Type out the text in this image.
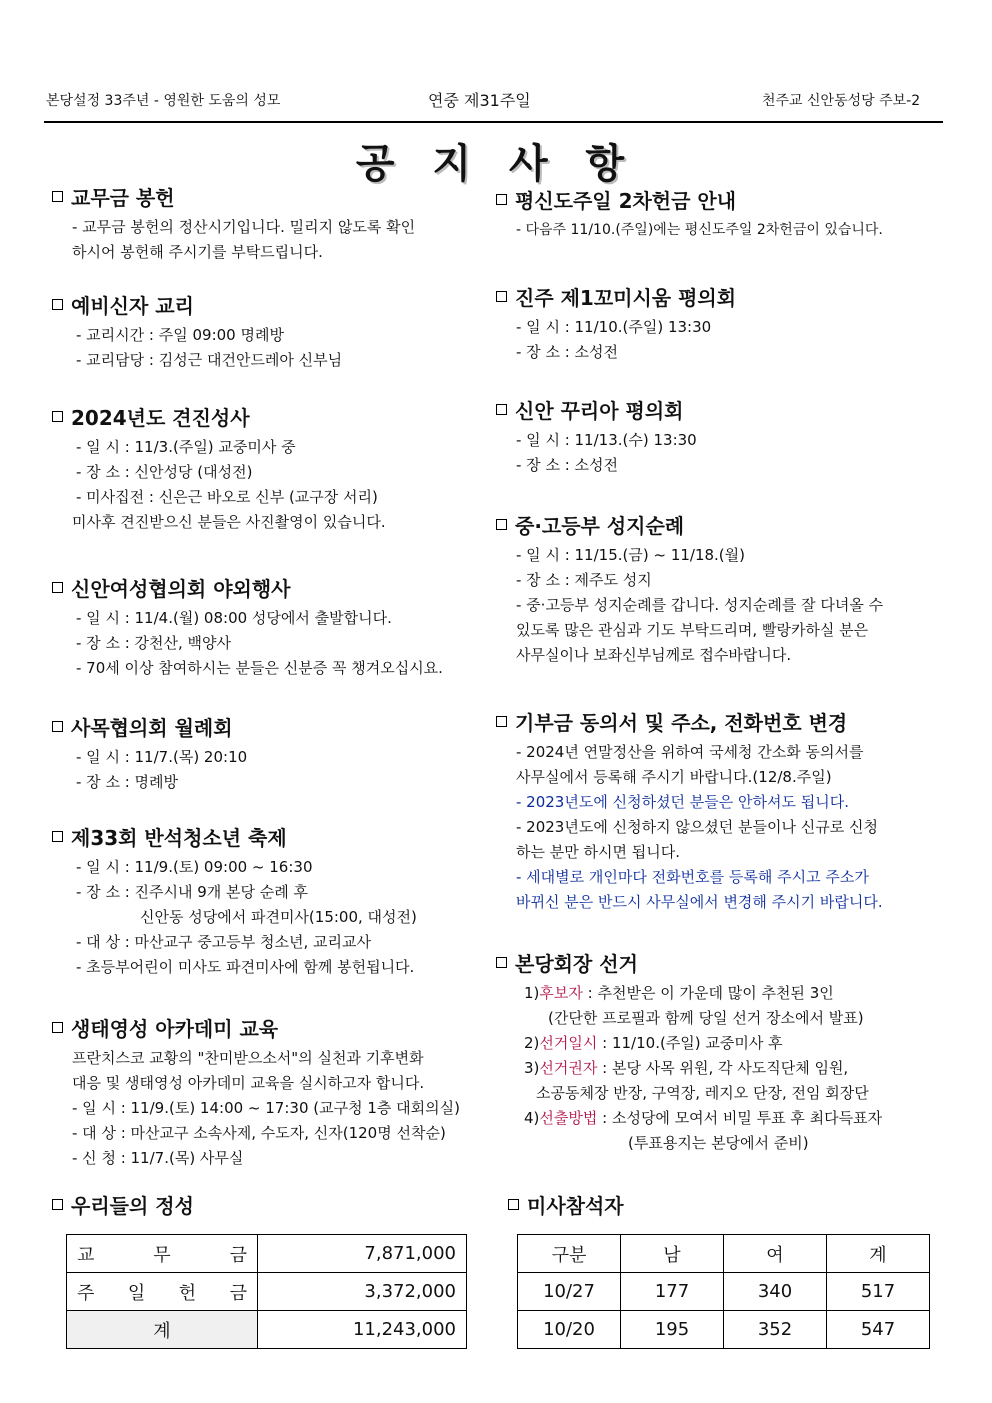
본당설정 33주년 - 영원한 도움의 성모	연중 제31주일	천주교 신안동성당 주보-2
공 지 사 항
교무금 봉헌

- 교무금 봉헌의 정산시기입니다. 밀리지 않도록 확인

하시어 봉헌해 주시기를 부탁드립니다.

예비신자 교리

- 교리시간 : 주일 09:00 명례방

- 교리담당 : 김성근 대건안드레아 신부님

2024년도 견진성사

- 일 시 : 11/3.(주일) 교중미사 중

- 장 소 : 신안성당 (대성전)

- 미사집전 : 신은근 바오로 신부 (교구장 서리)

미사후 견진받으신 분들은 사진촬영이 있습니다.

신안여성협의회 야외행사

- 일 시 : 11/4.(월) 08:00 성당에서 출발합니다.

- 장 소 : 강천산, 백양사

- 70세 이상 참여하시는 분들은 신분증 꼭 챙겨오십시요.

사목협의회 월례회

- 일 시 : 11/7.(목) 20:10

- 장 소 : 명례방

제33회 반석청소년 축제

- 일 시 : 11/9.(토) 09:00 ~ 16:30

- 장 소 : 진주시내 9개 본당 순례 후

신안동 성당에서 파견미사(15:00, 대성전)

- 대 상 : 마산교구 중고등부 청소년, 교리교사

- 초등부어린이 미사도 파견미사에 함께 봉헌됩니다.

생태영성 아카데미 교육

프란치스코 교황의 "찬미받으소서"의 실천과 기후변화

대응 및 생태영성 아카데미 교육을 실시하고자 합니다.

- 일 시 : 11/9.(토) 14:00 ~ 17:30 (교구청 1층 대회의실)

- 대 상 : 마산교구 소속사제, 수도자, 신자(120명 선착순)

- 신 청 : 11/7.(목) 사무실

평신도주일 2차헌금 안내

- 다음주 11/10.(주일)에는 평신도주일 2차헌금이 있습니다.

진주 제1꼬미시움 평의회

- 일 시 : 11/10.(주일) 13:30

- 장 소 : 소성전

신안 꾸리아 평의회

- 일 시 : 11/13.(수) 13:30

- 장 소 : 소성전

중·고등부 성지순례

- 일 시 : 11/15.(금) ~ 11/18.(월)

- 장 소 : 제주도 성지

- 중·고등부 성지순례를 갑니다. 성지순례를 잘 다녀올 수

있도록 많은 관심과 기도 부탁드리며, 빨랑카하실 분은

사무실이나 보좌신부님께로 접수바랍니다.

기부금 동의서 및 주소, 전화번호 변경

- 2024년 연말정산을 위하여 국세청 간소화 동의서를

사무실에서 등록해 주시기 바랍니다.(12/8.주일)

- 2023년도에 신청하셨던 분들은 안하셔도 됩니다.

- 2023년도에 신청하지 않으셨던 분들이나 신규로 신청

하는 분만 하시면 됩니다.

- 세대별로 개인마다 전화번호를 등록해 주시고 주소가

바뀌신 분은 반드시 사무실에서 변경해 주시기 바랍니다.

본당회장 선거

1)후보자 : 추천받은 이 가운데 많이 추천된 3인

(간단한 프로필과 함께 당일 선거 장소에서 발표)

2)선거일시 : 11/10.(주일) 교중미사 후

3)선거권자 : 본당 사목 위원, 각 사도직단체 임원,

소공동체장 반장, 구역장, 레지오 단장, 전임 회장단

4)선출방법 : 소성당에 모여서 비밀 투표 후 최다득표자

(투표용지는 본당에서 준비)

우리들의 정성
교 무 금	7,871,000
주 일 헌 금	3,372,000
계	11,243,000
미사참석자
구분	남	여	계
10/27	177	340	517
10/20	195	352	547
